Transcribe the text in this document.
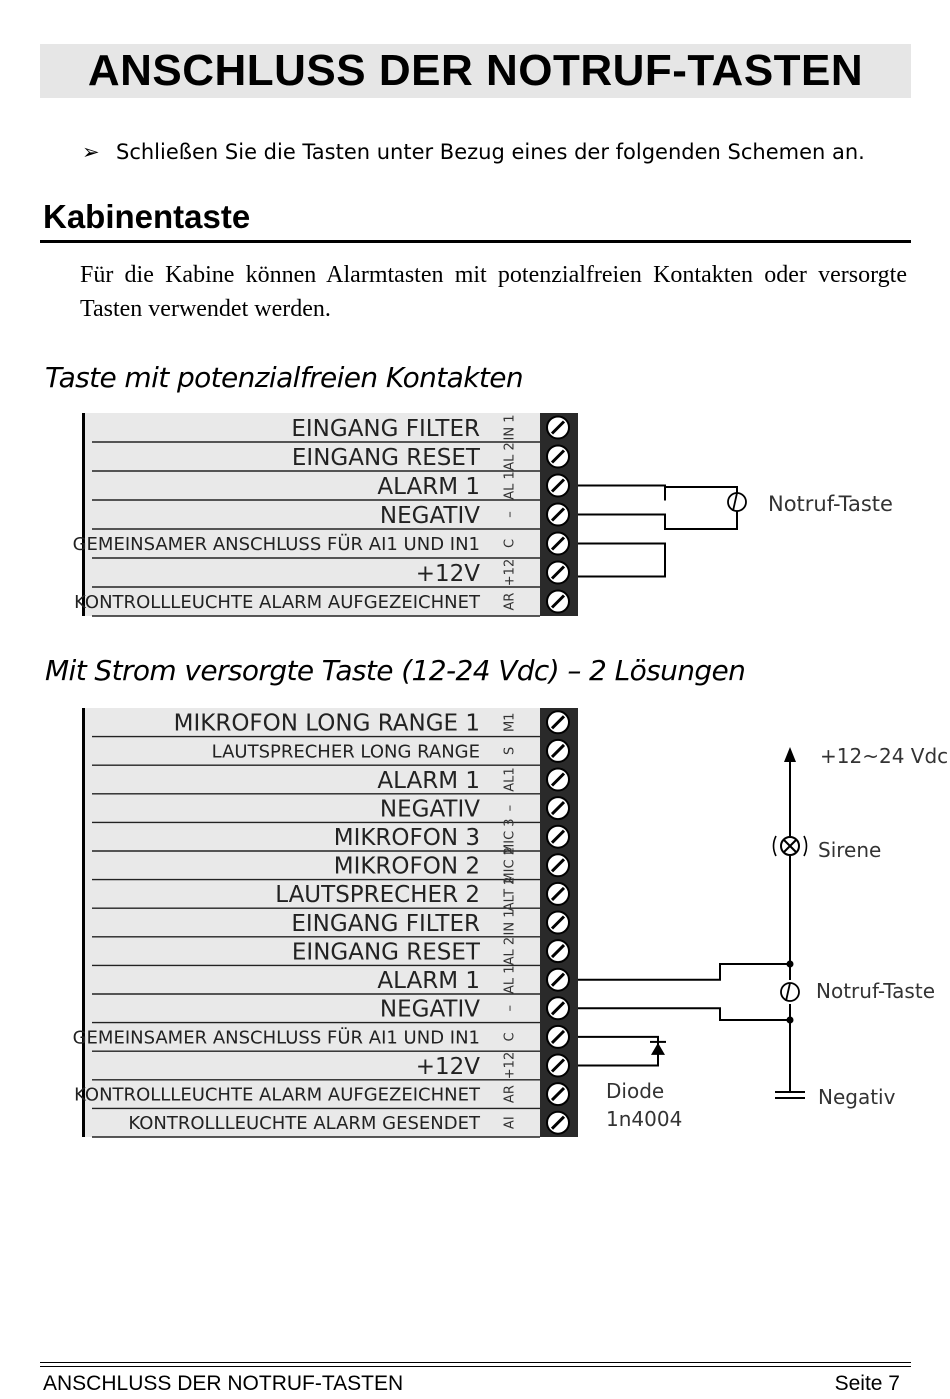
ANSCHLUSS DER NOTRUF-TASTEN
➢ Schließen Sie die Tasten unter Bezug eines der folgenden Schemen an.
Kabinentaste
Für die Kabine können Alarmtasten mit potenzialfreien Kontakten oder versorgte Tasten verwendet werden.
Taste mit potenzialfreien Kontakten
EINGANG FILTER IN 1
EINGANG RESET AL 2
ALARM 1 AL 1
NEGATIV –
GEMEINSAMER ANSCHLUSS FÜR AI1 UND IN1 C
+12V +12
KONTROLLLEUCHTE ALARM AUFGEZEICHNET AR
Notruf-Taste
Mit Strom versorgte Taste (12-24 Vdc) – 2 Lösungen
MIKROFON LONG RANGE 1 M1
LAUTSPRECHER LONG RANGE S
ALARM 1 AL1
NEGATIV –
MIKROFON 3 MIC 3
MIKROFON 2 MIC 2
LAUTSPRECHER 2 ALT 2
EINGANG FILTER IN 1
EINGANG RESET AL 2
ALARM 1 AL 1
NEGATIV –
GEMEINSAMER ANSCHLUSS FÜR AI1 UND IN1 C
+12V +12
KONTROLLLEUCHTE ALARM AUFGEZEICHNET AR
KONTROLLLEUCHTE ALARM GESENDET AI
+12~24 Vdc
Sirene
Notruf-Taste
Negativ
Diode
1n4004
ANSCHLUSS DER NOTRUF-TASTEN	Seite 7
